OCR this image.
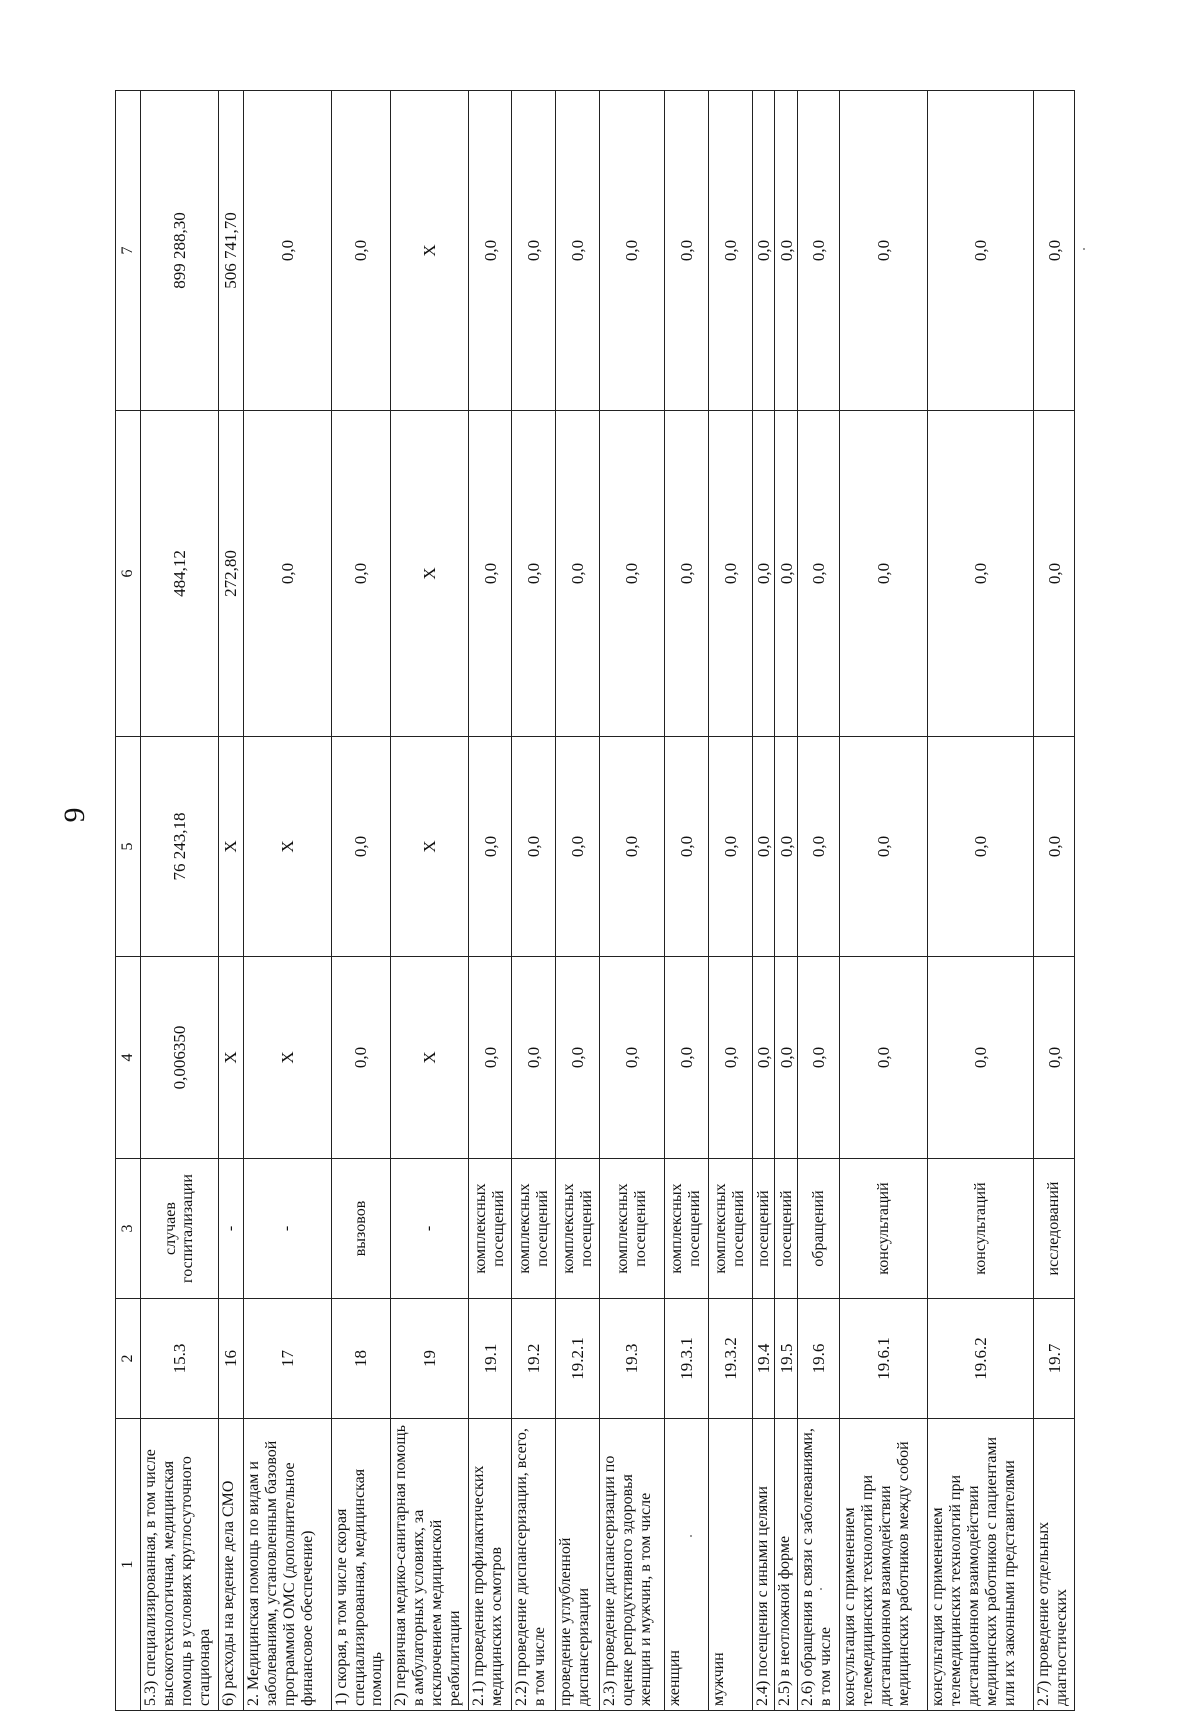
9
1	2	3	4	5	6	7
5.3) специализированная, в том числе высокотехнологичная, медицинская помощь в условиях круглосуточного стационара	15.3	случаев госпитализации	0,006350	76 243,18	484,12	899 288,30
6) расходы на ведение дела СМО	16	-	X	X	272,80	506 741,70
2. Медицинская помощь по видам и заболеваниям, установленным базовой программой ОМС (дополнительное финансовое обеспечение)	17	-	X	X	0,0	0,0
1) скорая, в том числе скорая специализированная, медицинская помощь	18	вызовов	0,0	0,0	0,0	0,0
2) первичная медико-санитарная помощь в амбулаторных условиях, за исключением медицинской реабилитации	19	-	X	X	X	X
2.1) проведение профилактических медицинских осмотров	19.1	комплексных посещений	0,0	0,0	0,0	0,0
2.2) проведение диспансеризации, всего, в том числе	19.2	комплексных посещений	0,0	0,0	0,0	0,0
проведение углубленной диспансеризации	19.2.1	комплексных посещений	0,0	0,0	0,0	0,0
2.3) проведение диспансеризации по оценке репродуктивного здоровья женщин и мужчин, в том числе	19.3	комплексных посещений	0,0	0,0	0,0	0,0
женщин	19.3.1	комплексных посещений	0,0	0,0	0,0	0,0
мужчин	19.3.2	комплексных посещений	0,0	0,0	0,0	0,0
2.4) посещения с иными целями	19.4	посещений	0,0	0,0	0,0	0,0
2.5) в неотложной форме	19.5	посещений	0,0	0,0	0,0	0,0
2.6) обращения в связи с заболеваниями, в том числе	19.6	обращений	0,0	0,0	0,0	0,0
консультация с применением телемедицинских технологий при дистанционном взаимодействии медицинских работников между собой	19.6.1	консультаций	0,0	0,0	0,0	0,0
консультация с применением телемедицинских технологий при дистанционном взаимодействии медицинских работников с пациентами или их законными представителями	19.6.2	консультаций	0,0	0,0	0,0	0,0
2.7) проведение отдельных диагностических	19.7	исследований	0,0	0,0	0,0	0,0
